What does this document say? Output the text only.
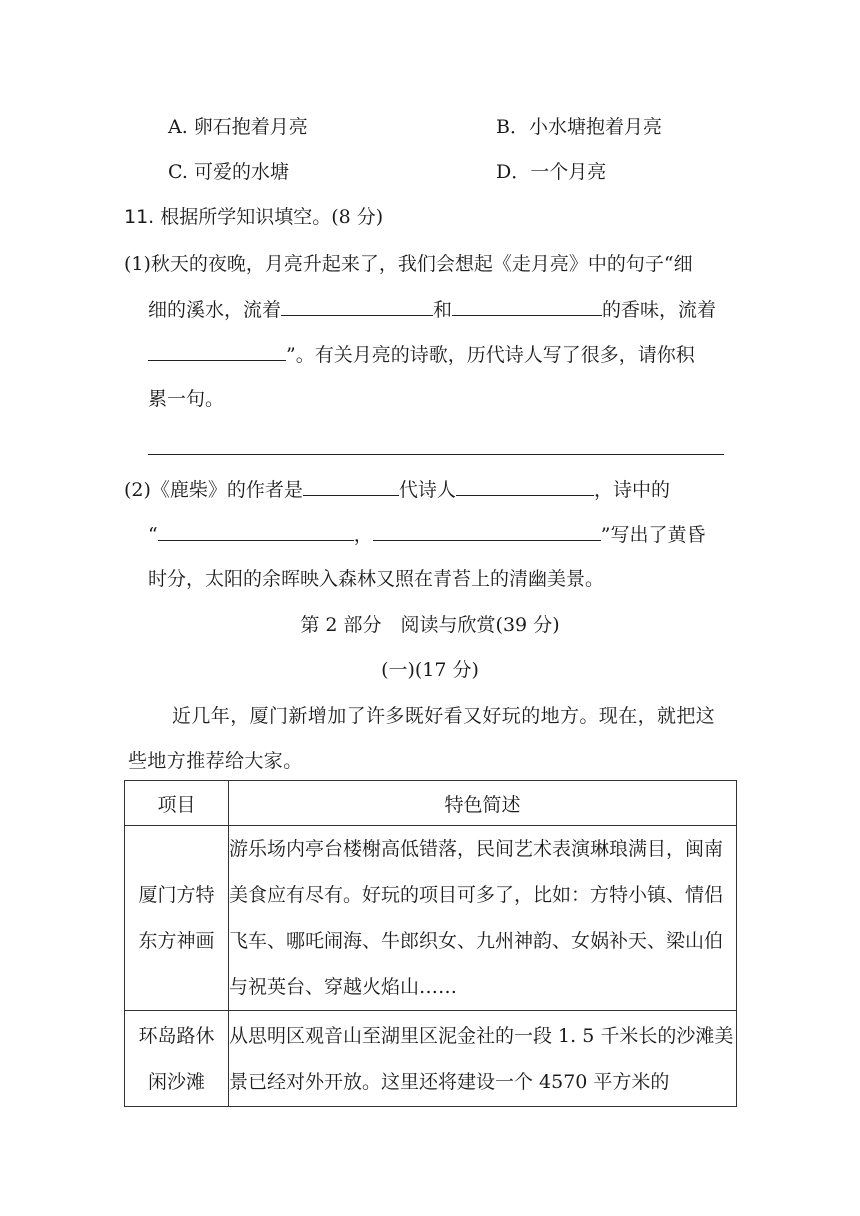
A. 卵石抱着月亮	B．小水塘抱着月亮
C. 可爱的水塘	D．一个月亮
11. 根据所学知识填空。(8 分)
(1)秋天的夜晚，月亮升起来了，我们会想起《走月亮》中的句子“细
细的溪水，流着	和	的香味，流着
”。有关月亮的诗歌，历代诗人写了很多，请你积
累一句。
(2)《鹿柴》的作者是	代诗人	，诗中的
“	，	”写出了黄昏
时分，太阳的余晖映入森林又照在青苔上的清幽美景。
第 2 部分　阅读与欣赏(39 分)
(一)(17 分)
近几年，厦门新增加了许多既好看又好玩的地方。现在，就把这
些地方推荐给大家。
项目	特色简述

厦门方特
东方神画	游乐场内亭台楼榭高低错落，民间艺术表演琳琅满目，闽南美食应有尽有。好玩的项目可多了，比如：方特小镇、情侣飞车、哪吒闹海、牛郎织女、九州神韵、女娲补天、梁山伯与祝英台、穿越火焰山……

环岛路休
闲沙滩	从思明区观音山至湖里区泥金社的一段 1. 5 千米长的沙滩美景已经对外开放。这里还将建设一个 4570 平方米的
